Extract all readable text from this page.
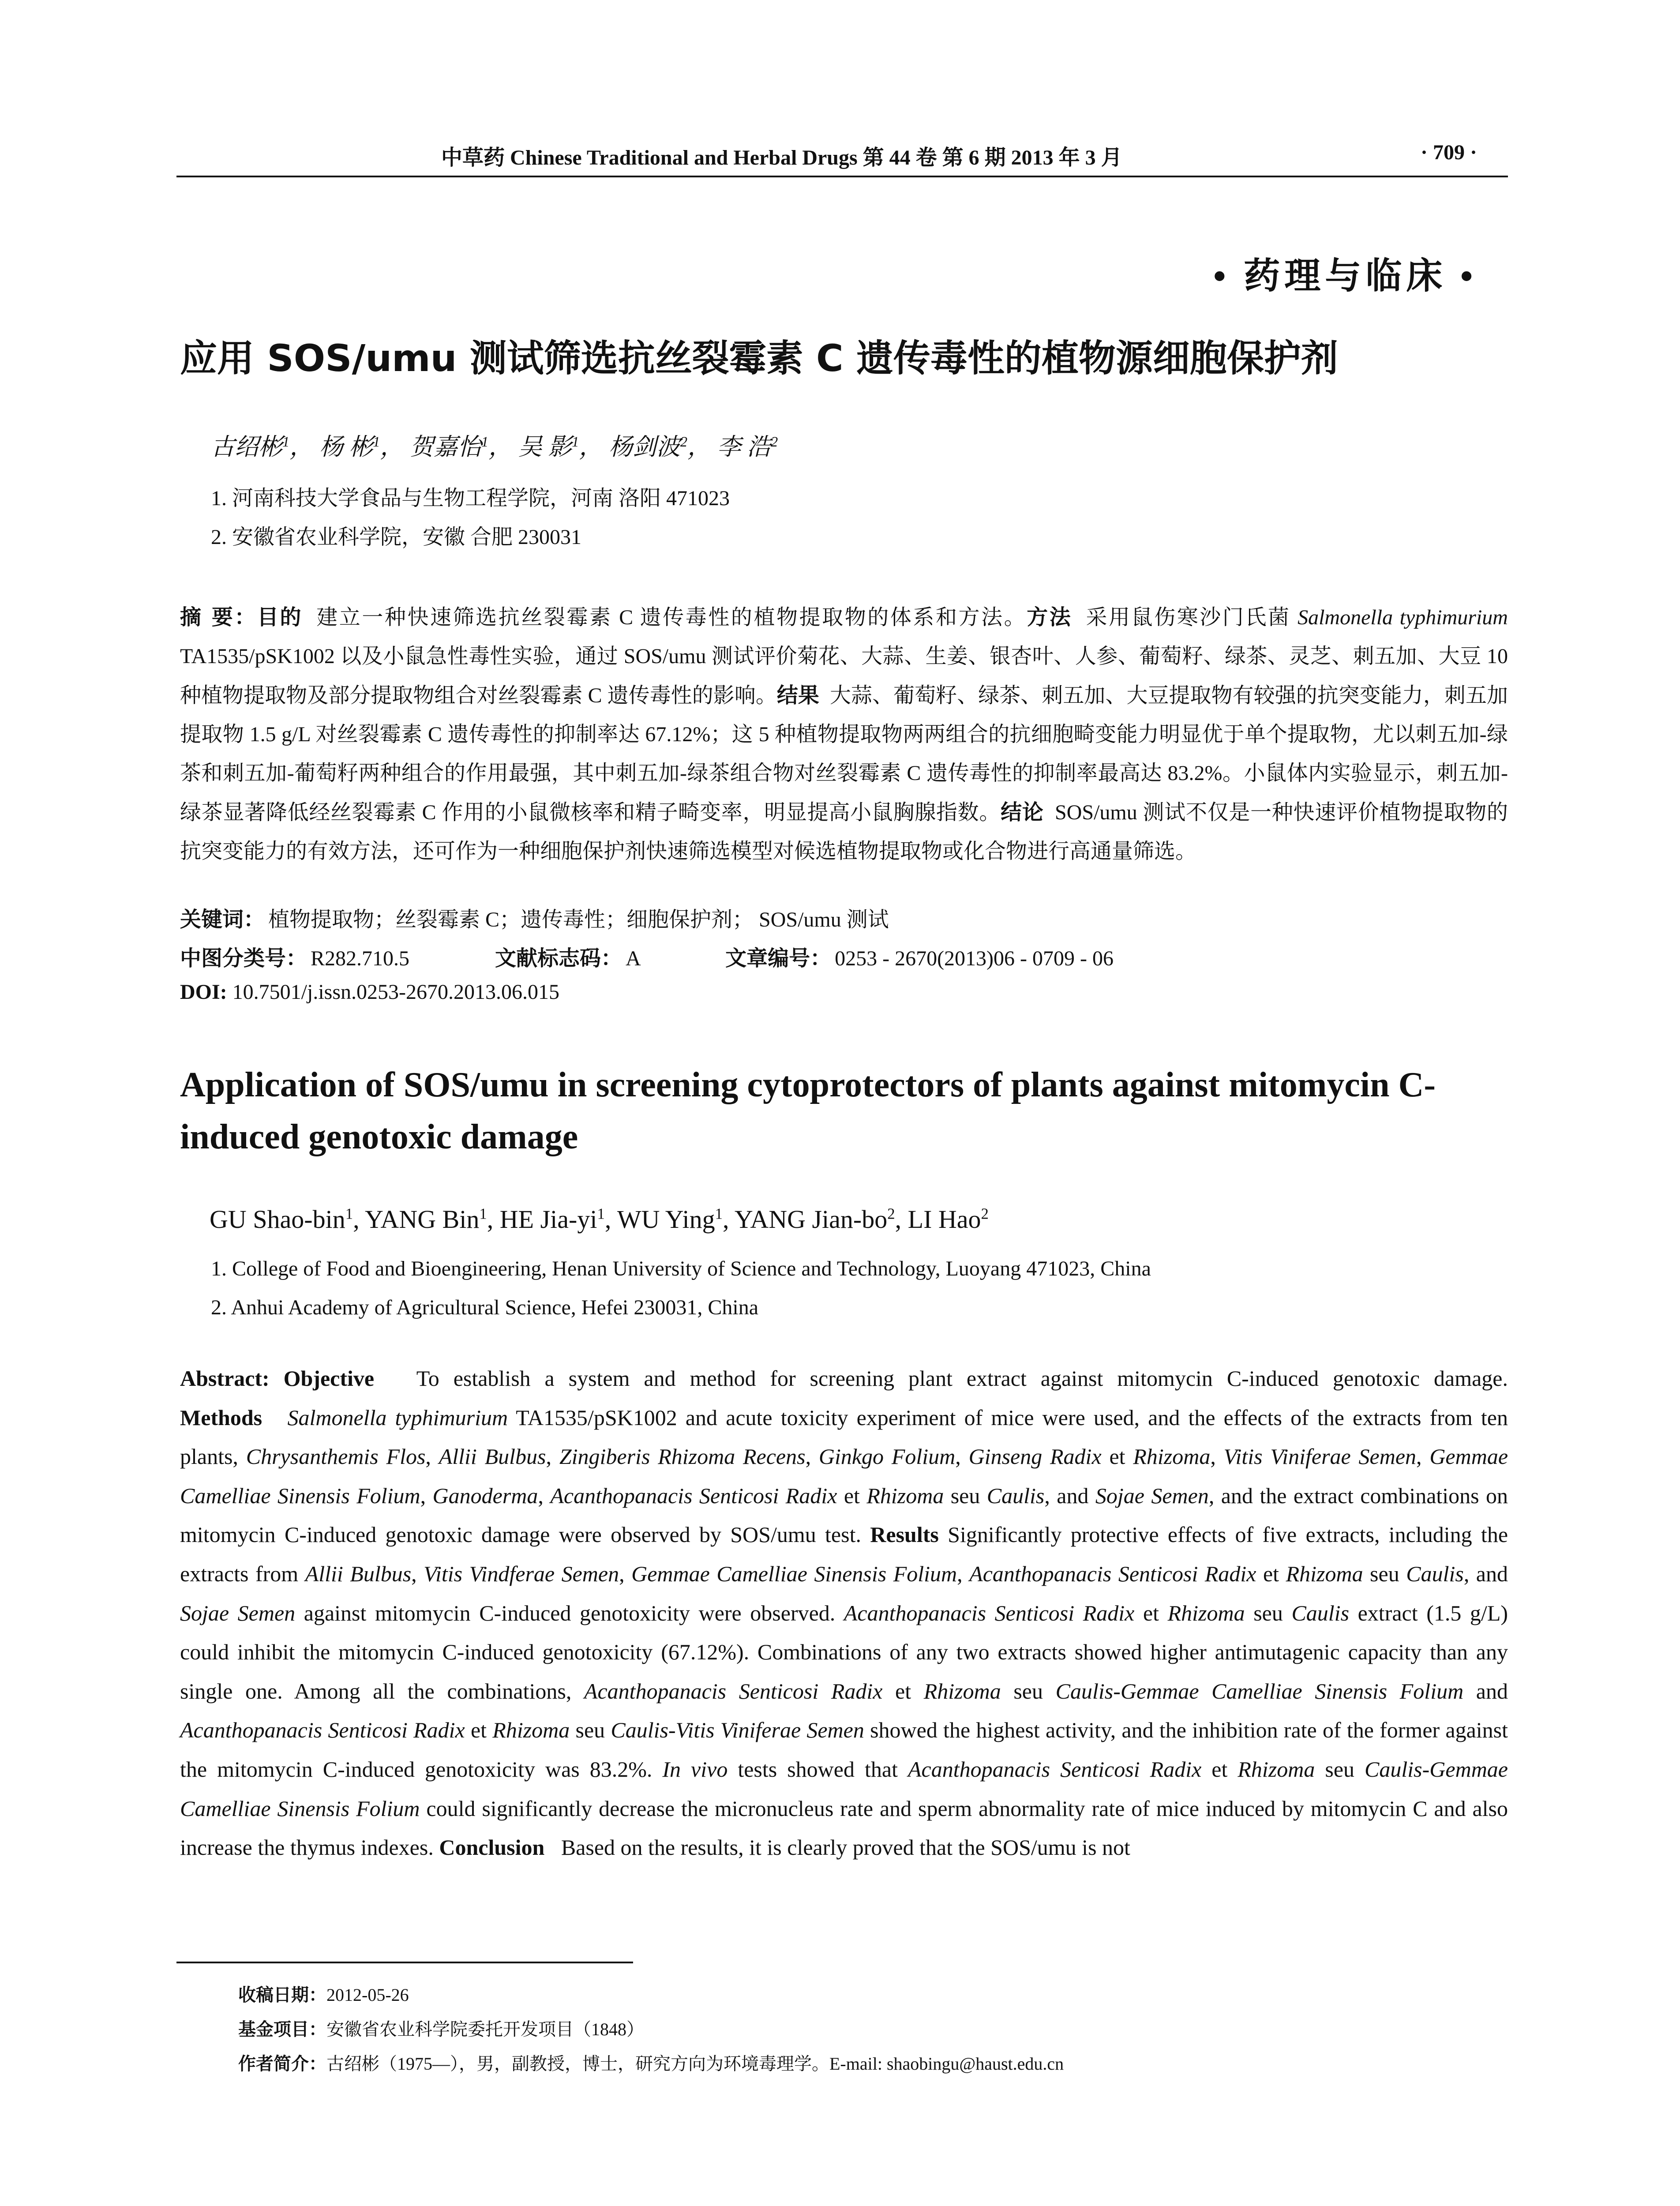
中草药 Chinese Traditional and Herbal Drugs 第 44 卷 第 6 期 2013 年 3 月	· 709 ·
• 药理与临床 •
应用 SOS/umu 测试筛选抗丝裂霉素 C 遗传毒性的植物源细胞保护剂
古绍彬$^1$， 杨 彬$^1$， 贺嘉怡$^1$， 吴 影$^1$， 杨剑波$^2$， 李 浩$^2$
1. 河南科技大学食品与生物工程学院，河南 洛阳 471023
2. 安徽省农业科学院，安徽 合肥 230031
摘 要：目的 建立一种快速筛选抗丝裂霉素 C 遗传毒性的植物提取物的体系和方法。方法 采用鼠伤寒沙门氏菌 Salmonella typhimurium TA1535/pSK1002 以及小鼠急性毒性实验，通过 SOS/umu 测试评价菊花、大蒜、生姜、银杏叶、人参、葡萄籽、绿茶、灵芝、刺五加、大豆 10 种植物提取物及部分提取物组合对丝裂霉素 C 遗传毒性的影响。结果 大蒜、葡萄籽、绿茶、刺五加、大豆提取物有较强的抗突变能力，刺五加提取物 1.5 g/L 对丝裂霉素 C 遗传毒性的抑制率达 67.12%；这 5 种植物提取物两两组合的抗细胞畸变能力明显优于单个提取物，尤以刺五加-绿茶和刺五加-葡萄籽两种组合的作用最强，其中刺五加-绿茶组合物对丝裂霉素 C 遗传毒性的抑制率最高达 83.2%。小鼠体内实验显示，刺五加-绿茶显著降低经丝裂霉素 C 作用的小鼠微核率和精子畸变率，明显提高小鼠胸腺指数。结论 SOS/umu 测试不仅是一种快速评价植物提取物的抗突变能力的有效方法，还可作为一种细胞保护剂快速筛选模型对候选植物提取物或化合物进行高通量筛选。
关键词： 植物提取物；丝裂霉素 C；遗传毒性；细胞保护剂； SOS/umu 测试
中图分类号： R282.710.5	文献标志码： A	文章编号： 0253 - 2670(2013)06 - 0709 - 06
DOI: 10.7501/j.issn.0253-2670.2013.06.015
Application of SOS/umu in screening cytoprotectors of plants against mitomycin C-induced genotoxic damage
GU Shao-bin$^1$, YANG Bin$^1$, HE Jia-$yi^1$, WU Ying$^1$, YANG Jian-$bo^2$, LI Hao$^2$
1. College of Food and Bioengineering, Henan University of Science and Technology, Luoyang 471023, China
2. Anhui Academy of Agricultural Science, Hefei 230031, China
Abstract: Objective To establish a system and method for screening plant extract against mitomycin C-induced genotoxic damage. Methods Salmonella typhimurium TA1535/pSK1002 and acute toxicity experiment of mice were used, and the effects of the extracts from ten plants, Chrysanthemis Flos, Allii Bulbus, Zingiberis Rhizoma Recens, Ginkgo Folium, Ginseng Radix et Rhizoma, Vitis Viniferae Semen, Gemmae Camelliae Sinensis Folium, Ganoderma, Acanthopanacis Senticosi Radix et Rhizoma seu Caulis, and Sojae Semen, and the extract combinations on mitomycin C-induced genotoxic damage were observed by SOS/umu test. Results Significantly protective effects of five extracts, including the extracts from Allii Bulbus, Vitis Vindferae Semen, Gemmae Camelliae Sinensis Folium, Acanthopanacis Senticosi Radix et Rhizoma seu Caulis, and Sojae Semen against mitomycin C-induced genotoxicity were observed. Acanthopanacis Senticosi Radix et Rhizoma seu Caulis extract (1.5 g/L) could inhibit the mitomycin C-induced genotoxicity (67.12%). Combinations of any two extracts showed higher antimutagenic capacity than any single one. Among all the combinations, Acanthopanacis Senticosi Radix et Rhizoma seu Caulis-Gemmae Camelliae Sinensis Folium and Acanthopanacis Senticosi Radix et Rhizoma seu Caulis-Vitis Viniferae Semen showed the highest activity, and the inhibition rate of the former against the mitomycin C-induced genotoxicity was 83.2%. In vivo tests showed that Acanthopanacis Senticosi Radix et Rhizoma seu Caulis-Gemmae Camelliae Sinensis Folium could significantly decrease the micronucleus rate and sperm abnormality rate of mice induced by mitomycin C and also increase the thymus indexes. Conclusion Based on the results, it is clearly proved that the SOS/umu is not
收稿日期：2012-05-26
基金项目：安徽省农业科学院委托开发项目（1848）
作者简介：古绍彬（1975—），男，副教授，博士，研究方向为环境毒理学。E-mail: shaobingu@haust.edu.cn
